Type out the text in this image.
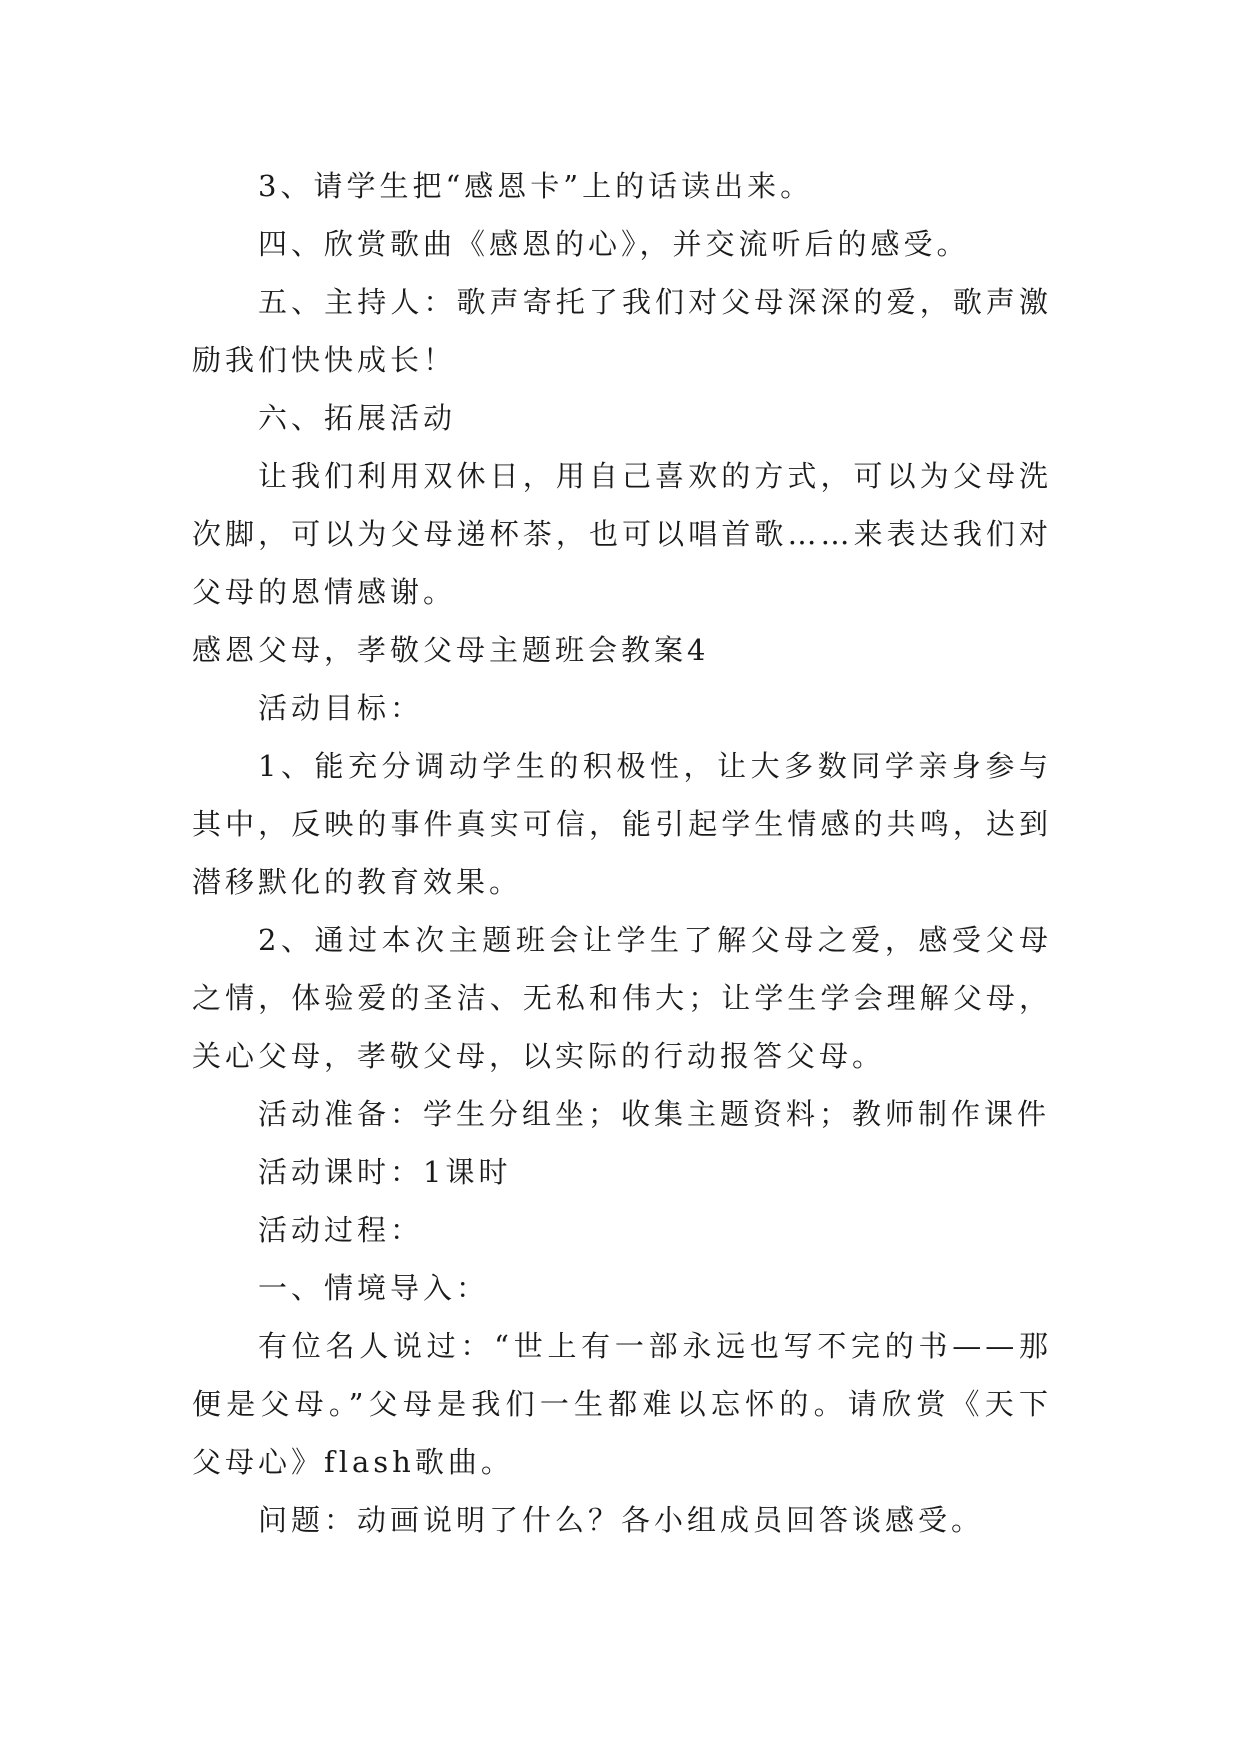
3、请学生把“感恩卡”上的话读出来。

四、欣赏歌曲《感恩的心》，并交流听后的感受。

五、主持人：歌声寄托了我们对父母深深的爱，歌声激励我们快快成长！

六、拓展活动

让我们利用双休日，用自己喜欢的方式，可以为父母洗次脚，可以为父母递杯茶，也可以唱首歌……来表达我们对父母的恩情感谢。

感恩父母，孝敬父母主题班会教案4

活动目标：

1、能充分调动学生的积极性，让大多数同学亲身参与其中，反映的事件真实可信，能引起学生情感的共鸣，达到潜移默化的教育效果。

2、通过本次主题班会让学生了解父母之爱，感受父母之情，体验爱的圣洁、无私和伟大；让学生学会理解父母，关心父母，孝敬父母，以实际的行动报答父母。

活动准备：学生分组坐；收集主题资料；教师制作课件

活动课时：1课时

活动过程：

一、情境导入：

有位名人说过：“世上有一部永远也写不完的书——那便是父母。”父母是我们一生都难以忘怀的。请欣赏《天下父母心》flash歌曲。

问题：动画说明了什么？各小组成员回答谈感受。
